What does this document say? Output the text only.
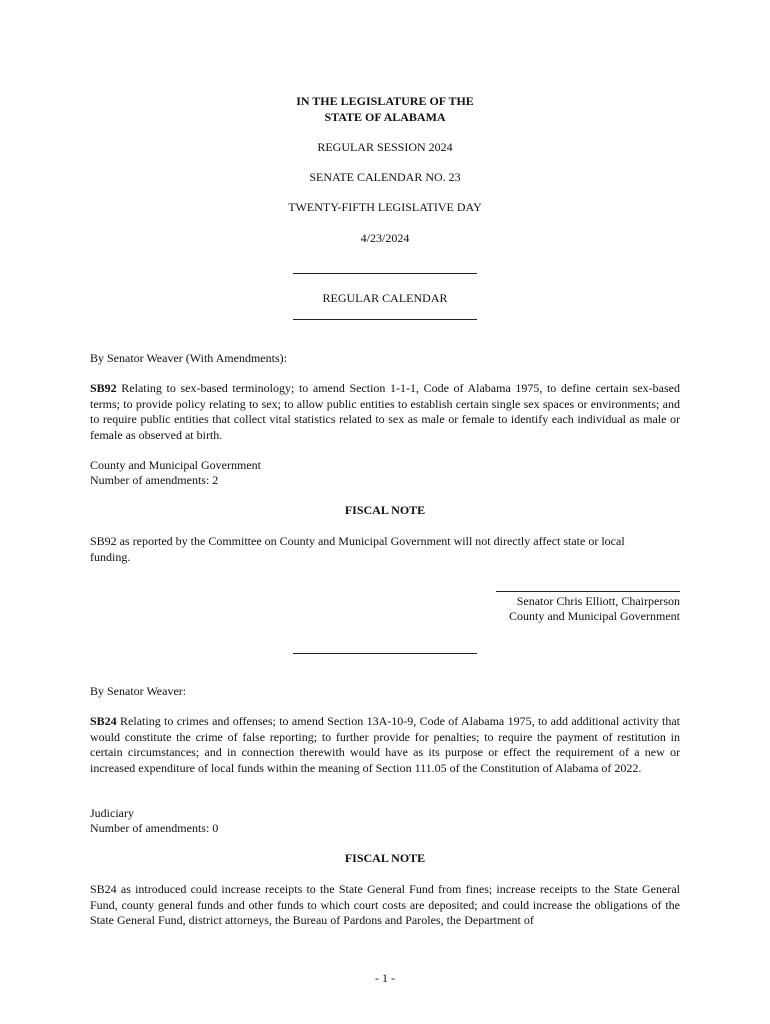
IN THE LEGISLATURE OF THE
STATE OF ALABAMA
REGULAR SESSION 2024
SENATE CALENDAR NO. 23
TWENTY-FIFTH LEGISLATIVE DAY
4/23/2024
REGULAR CALENDAR
By Senator Weaver (With Amendments):
SB92 Relating to sex-based terminology; to amend Section 1-1-1, Code of Alabama 1975, to define certain sex-based terms; to provide policy relating to sex; to allow public entities to establish certain single sex spaces or environments; and to require public entities that collect vital statistics related to sex as male or female to identify each individual as male or female as observed at birth.
County and Municipal Government
Number of amendments: 2
FISCAL NOTE
SB92 as reported by the Committee on County and Municipal Government will not directly affect state or local funding.
Senator Chris Elliott, Chairperson
County and Municipal Government
By Senator Weaver:
SB24 Relating to crimes and offenses; to amend Section 13A-10-9, Code of Alabama 1975, to add additional activity that would constitute the crime of false reporting; to further provide for penalties; to require the payment of restitution in certain circumstances; and in connection therewith would have as its purpose or effect the requirement of a new or increased expenditure of local funds within the meaning of Section 111.05 of the Constitution of Alabama of 2022.
Judiciary
Number of amendments: 0
FISCAL NOTE
SB24 as introduced could increase receipts to the State General Fund from fines; increase receipts to the State General Fund, county general funds and other funds to which court costs are deposited; and could increase the obligations of the State General Fund, district attorneys, the Bureau of Pardons and Paroles, the Department of
- 1 -
